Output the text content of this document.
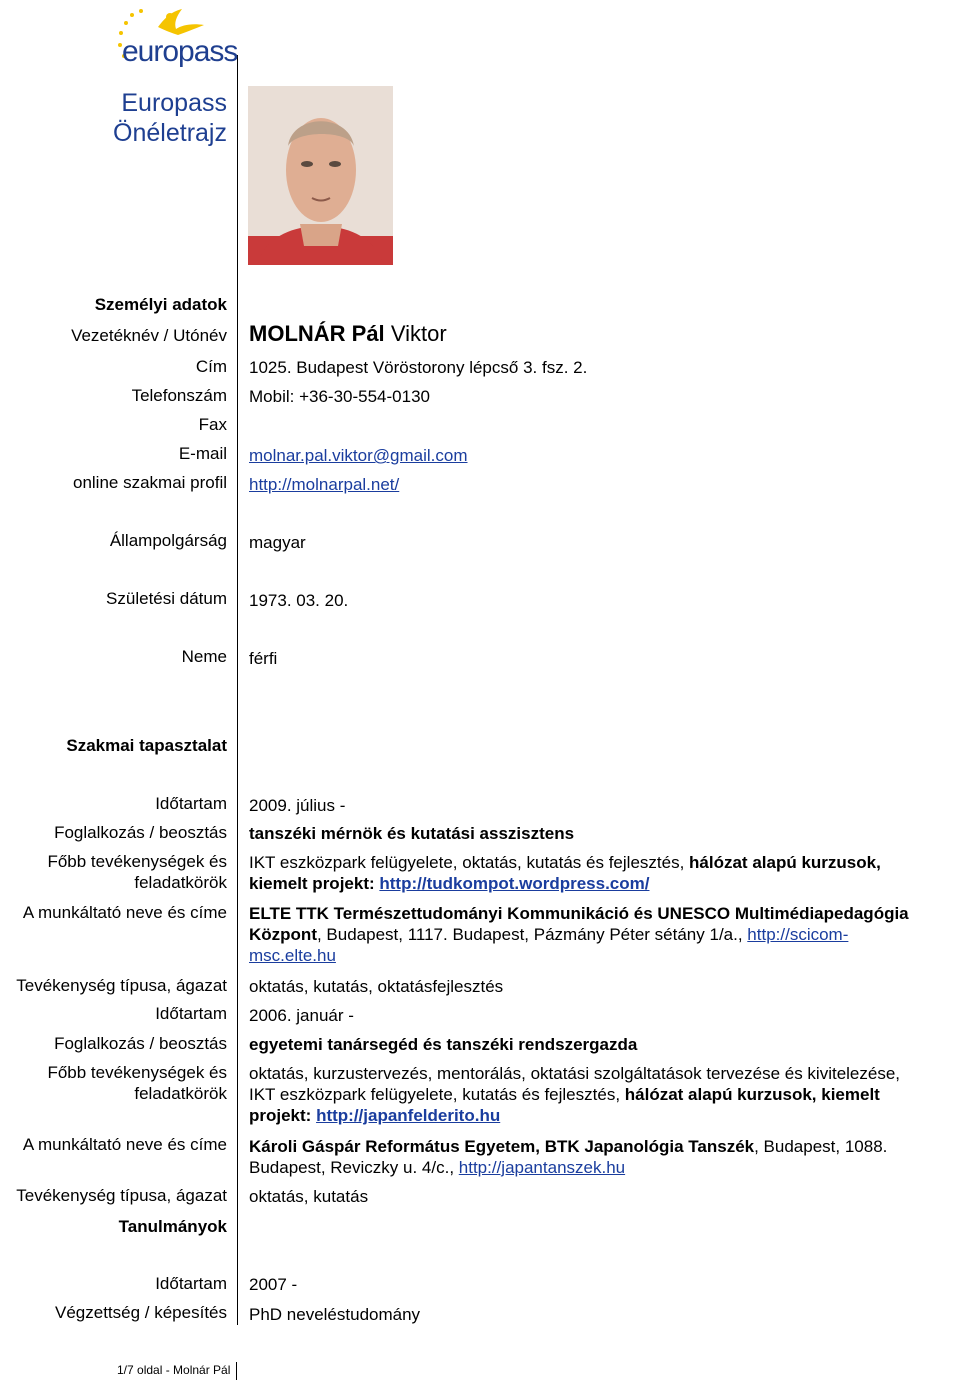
europass
Europass
Önéletrajz
Személyi adatok
Vezetéknév / Utónév MOLNÁR Pál Viktor
Cím 1025. Budapest Vöröstorony lépcső 3. fsz. 2.
Telefonszám Mobil: +36-30-554-0130
Fax
E-mail molnar.pal.viktor@gmail.com
online szakmai profil http://molnarpal.net/
Állampolgárság magyar
Születési dátum 1973. 03. 20.
Neme férfi
Szakmai tapasztalat
Időtartam 2009. július -
Foglalkozás / beosztás tanszéki mérnök és kutatási asszisztens
Főbb tevékenységek és
feladatkörök
IKT eszközpark felügyelete, oktatás, kutatás és fejlesztés, hálózat alapú kurzusok,
kiemelt projekt: http://tudkompot.wordpress.com/
A munkáltató neve és címe ELTE TTK Természettudományi Kommunikáció és UNESCO Multimédiapedagógia
Központ, Budapest, 1117. Budapest, Pázmány Péter sétány 1/a., http://scicom-
msc.elte.hu
Tevékenység típusa, ágazat oktatás, kutatás, oktatásfejlesztés
Időtartam 2006. január -
Foglalkozás / beosztás egyetemi tanársegéd és tanszéki rendszergazda
Főbb tevékenységek és
feladatkörök
oktatás, kurzustervezés, mentorálás, oktatási szolgáltatások tervezése és kivitelezése,
IKT eszközpark felügyelete, kutatás és fejlesztés, hálózat alapú kurzusok, kiemelt
projekt: http://japanfelderito.hu
A munkáltató neve és címe Károli Gáspár Református Egyetem, BTK Japanológia Tanszék, Budapest, 1088.
Budapest, Reviczky u. 4/c., http://japantanszek.hu
Tevékenység típusa, ágazat oktatás, kutatás
Tanulmányok
Időtartam 2007 -
Végzettség / képesítés PhD neveléstudomány
1/7 oldal - Molnár Pál
